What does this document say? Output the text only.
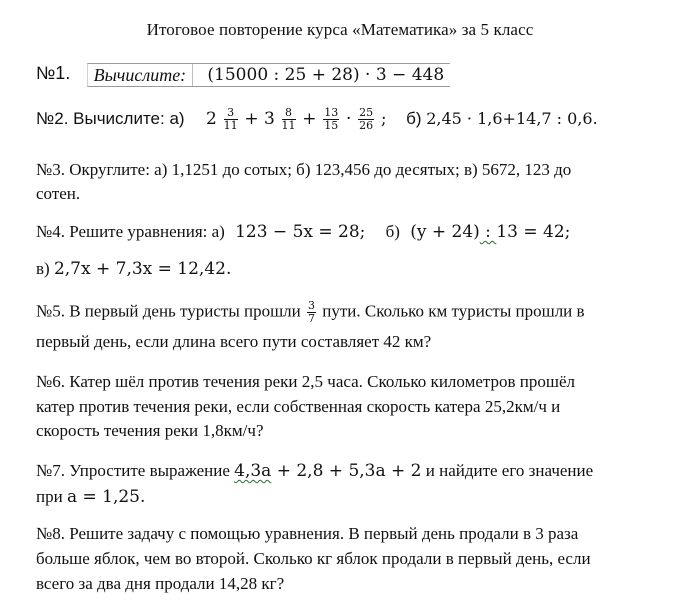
Итоговое повторение курса «Математика» за 5 класс
№1. Вычислите: (15000 : 25 + 28) · 3 − 448
№2. Вычислите: а) $2 \frac{3}{11} + 3 \frac{8}{11} + \frac{13}{15} \cdot \frac{25}{26}$ ; б) 2,45 · 1,6+14,7 : 0,6.
№3. Округлите: а) 1,1251 до сотых; б) 123,456 до десятых; в) 5672, 123 до
сотен.
№4. Решите уравнения: а) 123 − 5x = 28; б) (y + 24) : 13 = 42;
в) 2,7x + 7,3x = 12,42.
№5. В первый день туристы прошли $\frac{3}{7}$ пути. Сколько км туристы прошли в
первый день, если длина всего пути составляет 42 км?
№6. Катер шёл против течения реки 2,5 часа. Сколько километров прошёл
катер против течения реки, если собственная скорость катера 25,2км/ч и
скорость течения реки 1,8км/ч?
№7. Упростите выражение 4,3a + 2,8 + 5,3a + 2 и найдите его значение
при a = 1,25.
№8. Решите задачу с помощью уравнения. В первый день продали в 3 раза
больше яблок, чем во второй. Сколько кг яблок продали в первый день, если
всего за два дня продали 14,28 кг?
